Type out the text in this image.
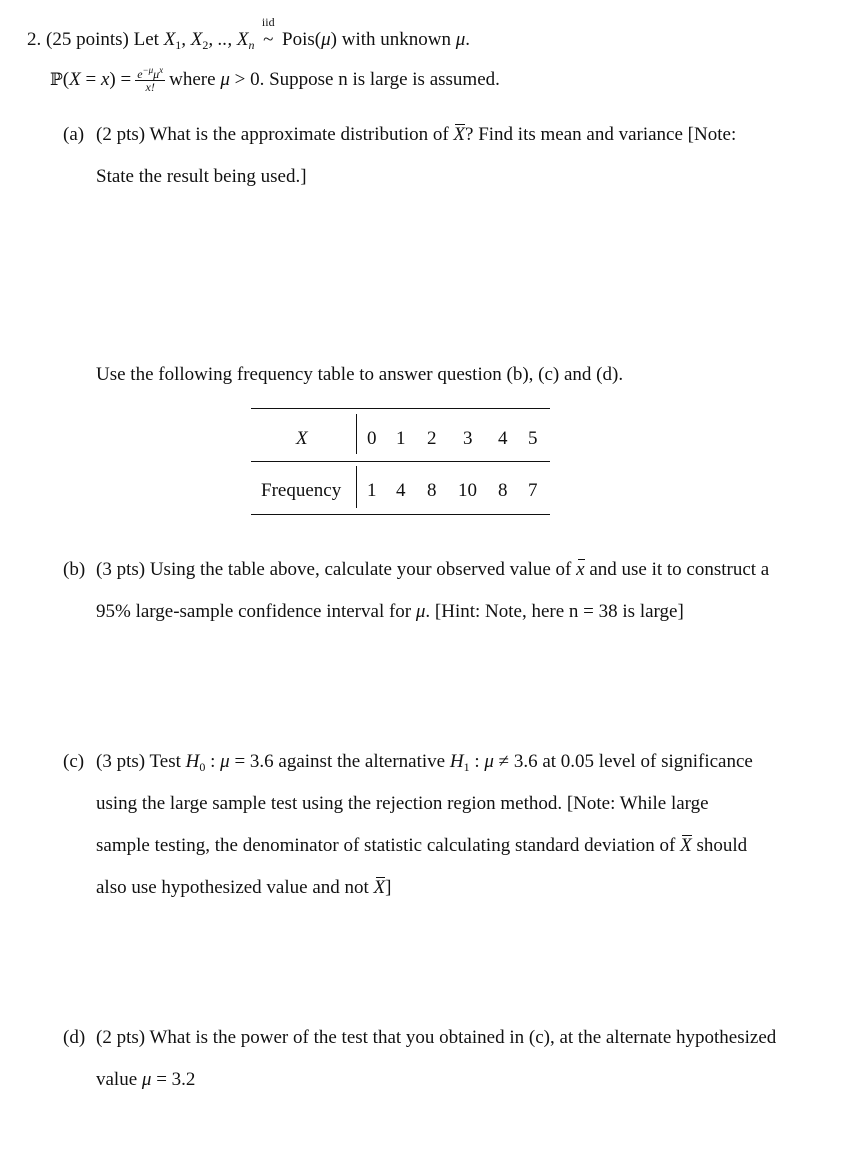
2. (25 points) Let $X_1$, $X_2$, .., $X_n$
iid
~ Pois(μ) with unknown μ.
ℙ(X = $x) = \frac{e^{-\mu}\mu^x}{x!}$ where μ > 0. Suppose n is large is assumed.
(a) (2 pts) What is the approximate distribution of X? Find its mean and variance [Note:
State the result being used.]
Use the following frequency table to answer question (b), (c) and (d).
X
Frequency
0 1 2 3 4 5
1 4 8 10 8 7
(b) (3 pts) Using the table above, calculate your observed value of x and use it to construct a
95% large-sample confidence interval for μ. [Hint: Note, here n = 38 is large]
(c) (3 pts) Test $H_0$ : μ = 3.6 against the alternative $H_1$ : μ ≠ 3.6 at 0.05 level of significance
using the large sample test using the rejection region method. [Note: While large
sample testing, the denominator of statistic calculating standard deviation of X should
also use hypothesized value and not X]
(d) (2 pts) What is the power of the test that you obtained in (c), at the alternate hypothesized
value μ = 3.2
